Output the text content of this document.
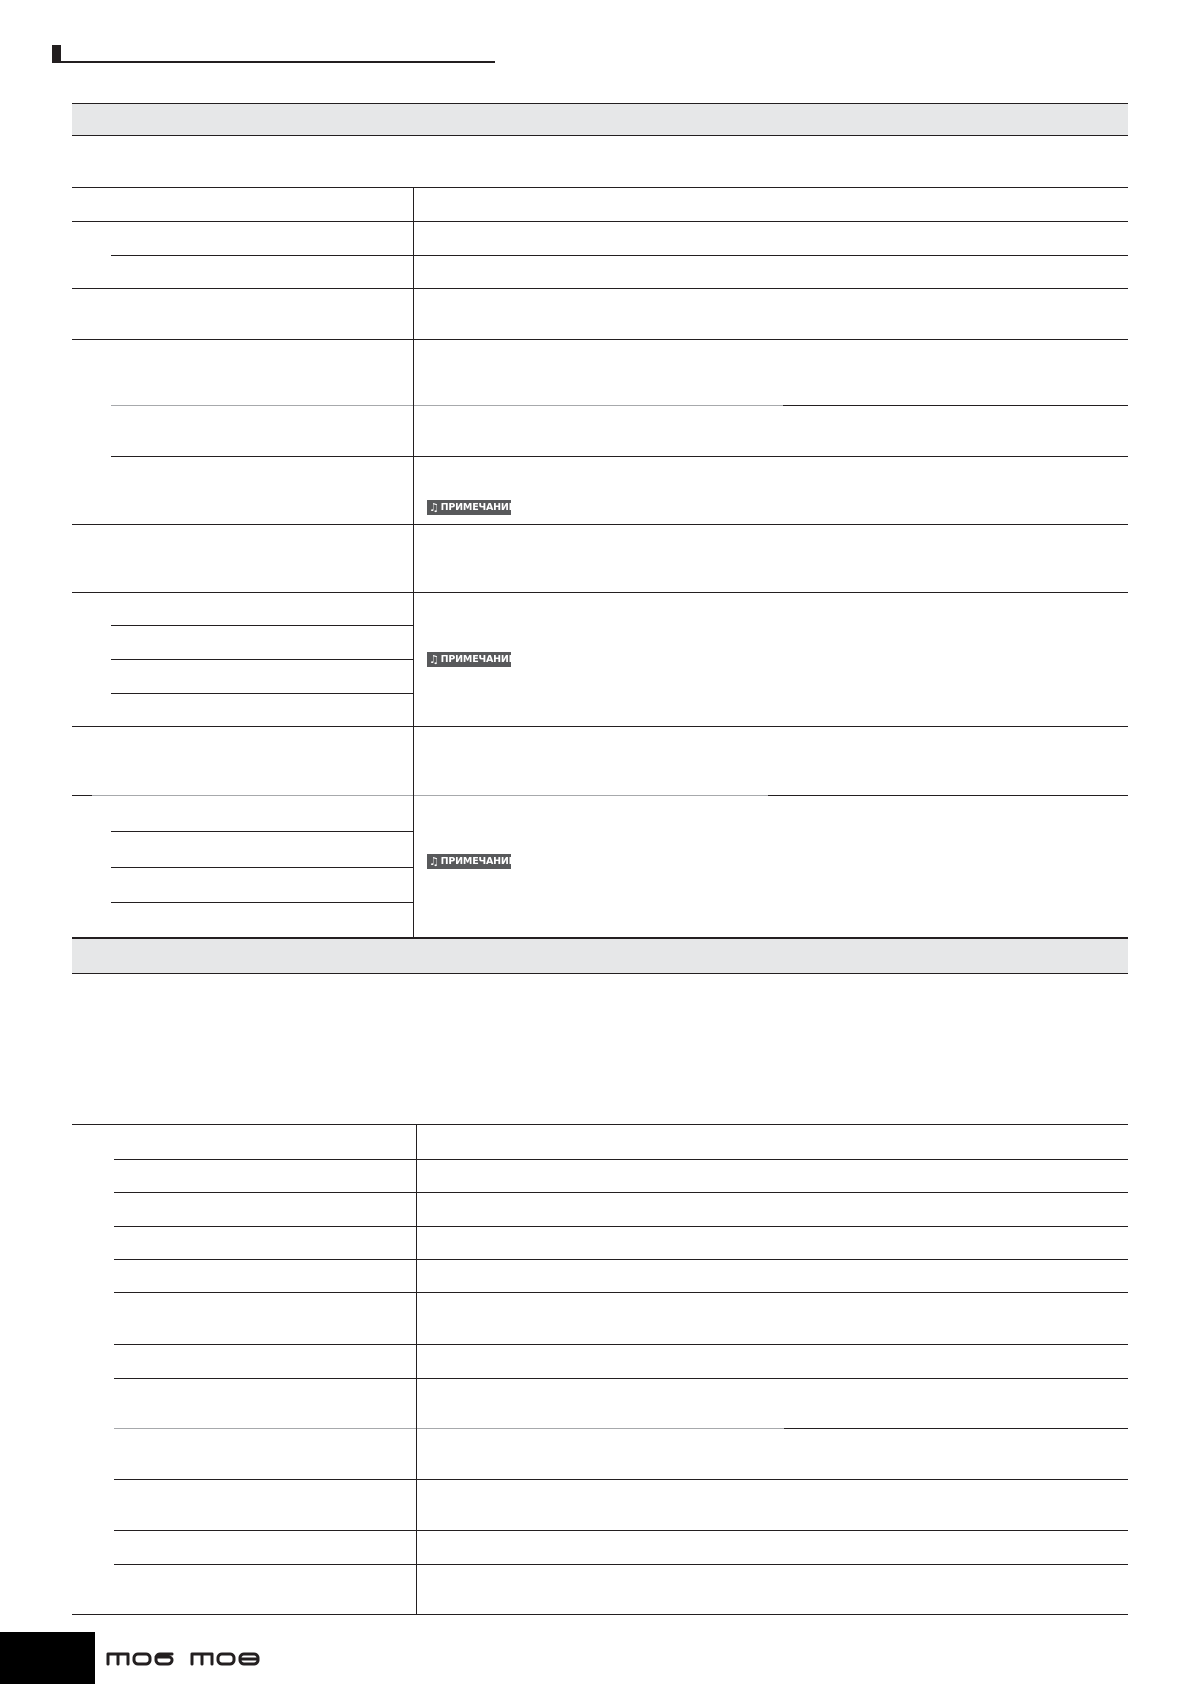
♫ ПРИМЕЧАНИЕ
♫ ПРИМЕЧАНИЕ
♫ ПРИМЕЧАНИЕ
